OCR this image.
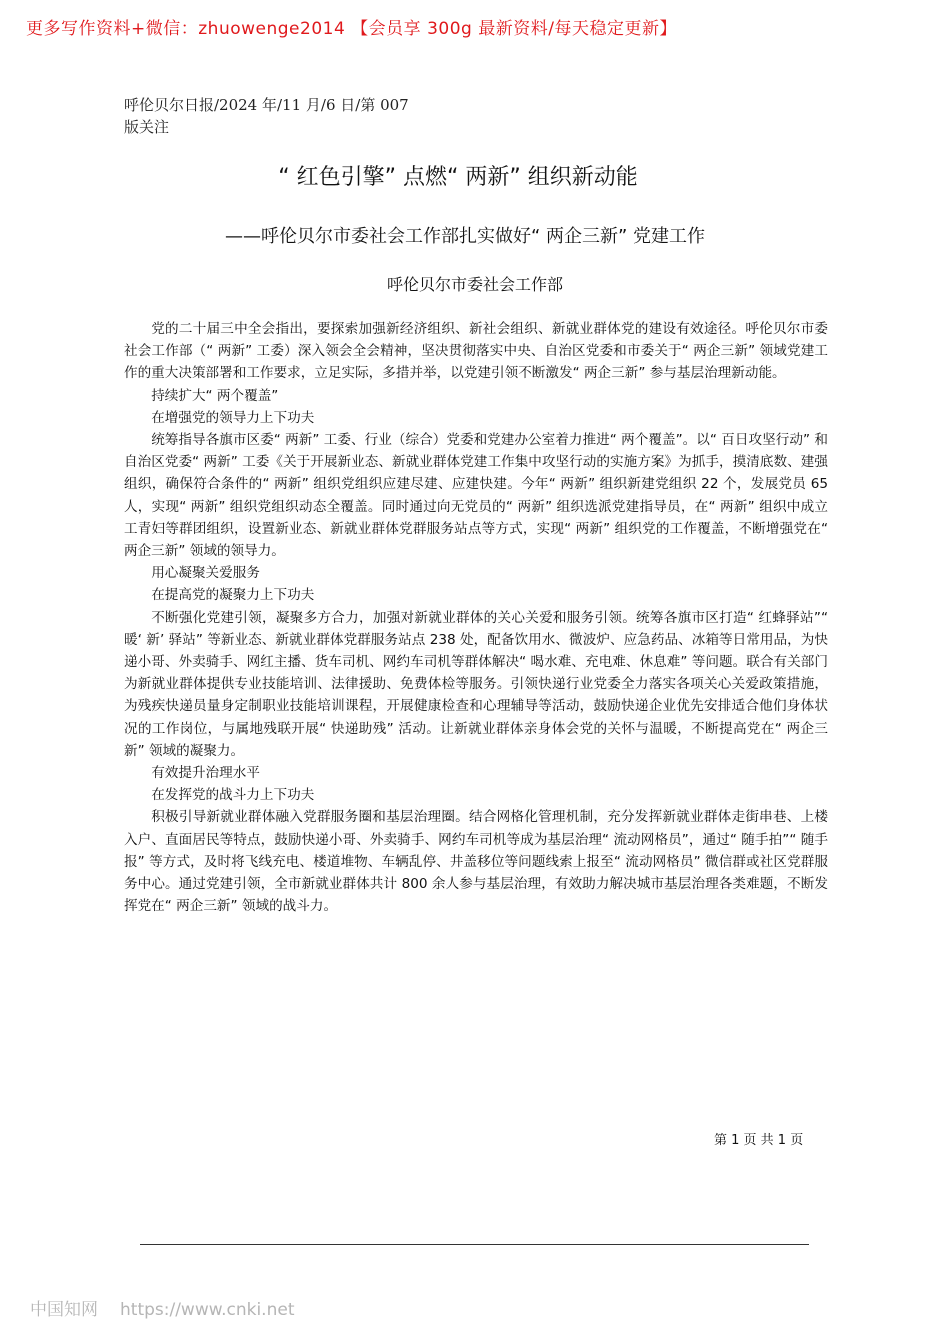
更多写作资料+微信：zhuowenge2014 【会员享 300g 最新资料/每天稳定更新】
呼伦贝尔日报/2024 年/11 月/6 日/第 007 版关注
“ 红色引擎” 点燃“ 两新” 组织新动能
——呼伦贝尔市委社会工作部扎实做好“ 两企三新” 党建工作
呼伦贝尔市委社会工作部

党的二十届三中全会指出，要探索加强新经济组织、新社会组织、新就业群体党的建设有效途径。呼伦贝尔市委社会工作部（“ 两新” 工委）深入领会全会精神，坚决贯彻落实中央、自治区党委和市委关于“ 两企三新” 领域党建工作的重大决策部署和工作要求，立足实际，多措并举，以党建引领不断激发“ 两企三新” 参与基层治理新动能。

持续扩大“ 两个覆盖”

在增强党的领导力上下功夫

统筹指导各旗市区委“ 两新” 工委、行业（综合）党委和党建办公室着力推进“ 两个覆盖”。以“ 百日攻坚行动” 和自治区党委“ 两新” 工委《关于开展新业态、新就业群体党建工作集中攻坚行动的实施方案》为抓手，摸清底数、建强组织，确保符合条件的“ 两新” 组织党组织应建尽建、应建快建。今年“ 两新” 组织新建党组织 22 个，发展党员 65 人，实现“ 两新” 组织党组织动态全覆盖。同时通过向无党员的“ 两新” 组织选派党建指导员，在“ 两新” 组织中成立工青妇等群团组织，设置新业态、新就业群体党群服务站点等方式，实现“ 两新” 组织党的工作覆盖，不断增强党在“ 两企三新” 领域的领导力。

用心凝聚关爱服务

在提高党的凝聚力上下功夫

不断强化党建引领，凝聚多方合力，加强对新就业群体的关心关爱和服务引领。统筹各旗市区打造“ 红蜂驿站”“ 暖‘ 新’ 驿站” 等新业态、新就业群体党群服务站点 238 处，配备饮用水、微波炉、应急药品、冰箱等日常用品，为快递小哥、外卖骑手、网红主播、货车司机、网约车司机等群体解决“ 喝水难、充电难、休息难” 等问题。联合有关部门为新就业群体提供专业技能培训、法律援助、免费体检等服务。引领快递行业党委全力落实各项关心关爱政策措施，为残疾快递员量身定制职业技能培训课程，开展健康检查和心理辅导等活动，鼓励快递企业优先安排适合他们身体状况的工作岗位，与属地残联开展“ 快递助残” 活动。让新就业群体亲身体会党的关怀与温暖，不断提高党在“ 两企三新” 领域的凝聚力。

有效提升治理水平

在发挥党的战斗力上下功夫

积极引导新就业群体融入党群服务圈和基层治理圈。结合网格化管理机制，充分发挥新就业群体走街串巷、上楼入户、直面居民等特点，鼓励快递小哥、外卖骑手、网约车司机等成为基层治理“ 流动网格员”，通过“ 随手拍”“ 随手报” 等方式，及时将飞线充电、楼道堆物、车辆乱停、井盖移位等问题线索上报至“ 流动网格员” 微信群或社区党群服务中心。通过党建引领，全市新就业群体共计 800 余人参与基层治理，有效助力解决城市基层治理各类难题，不断发挥党在“ 两企三新” 领域的战斗力。

第 1 页 共 1 页
中国知网 https://www.cnki.net
